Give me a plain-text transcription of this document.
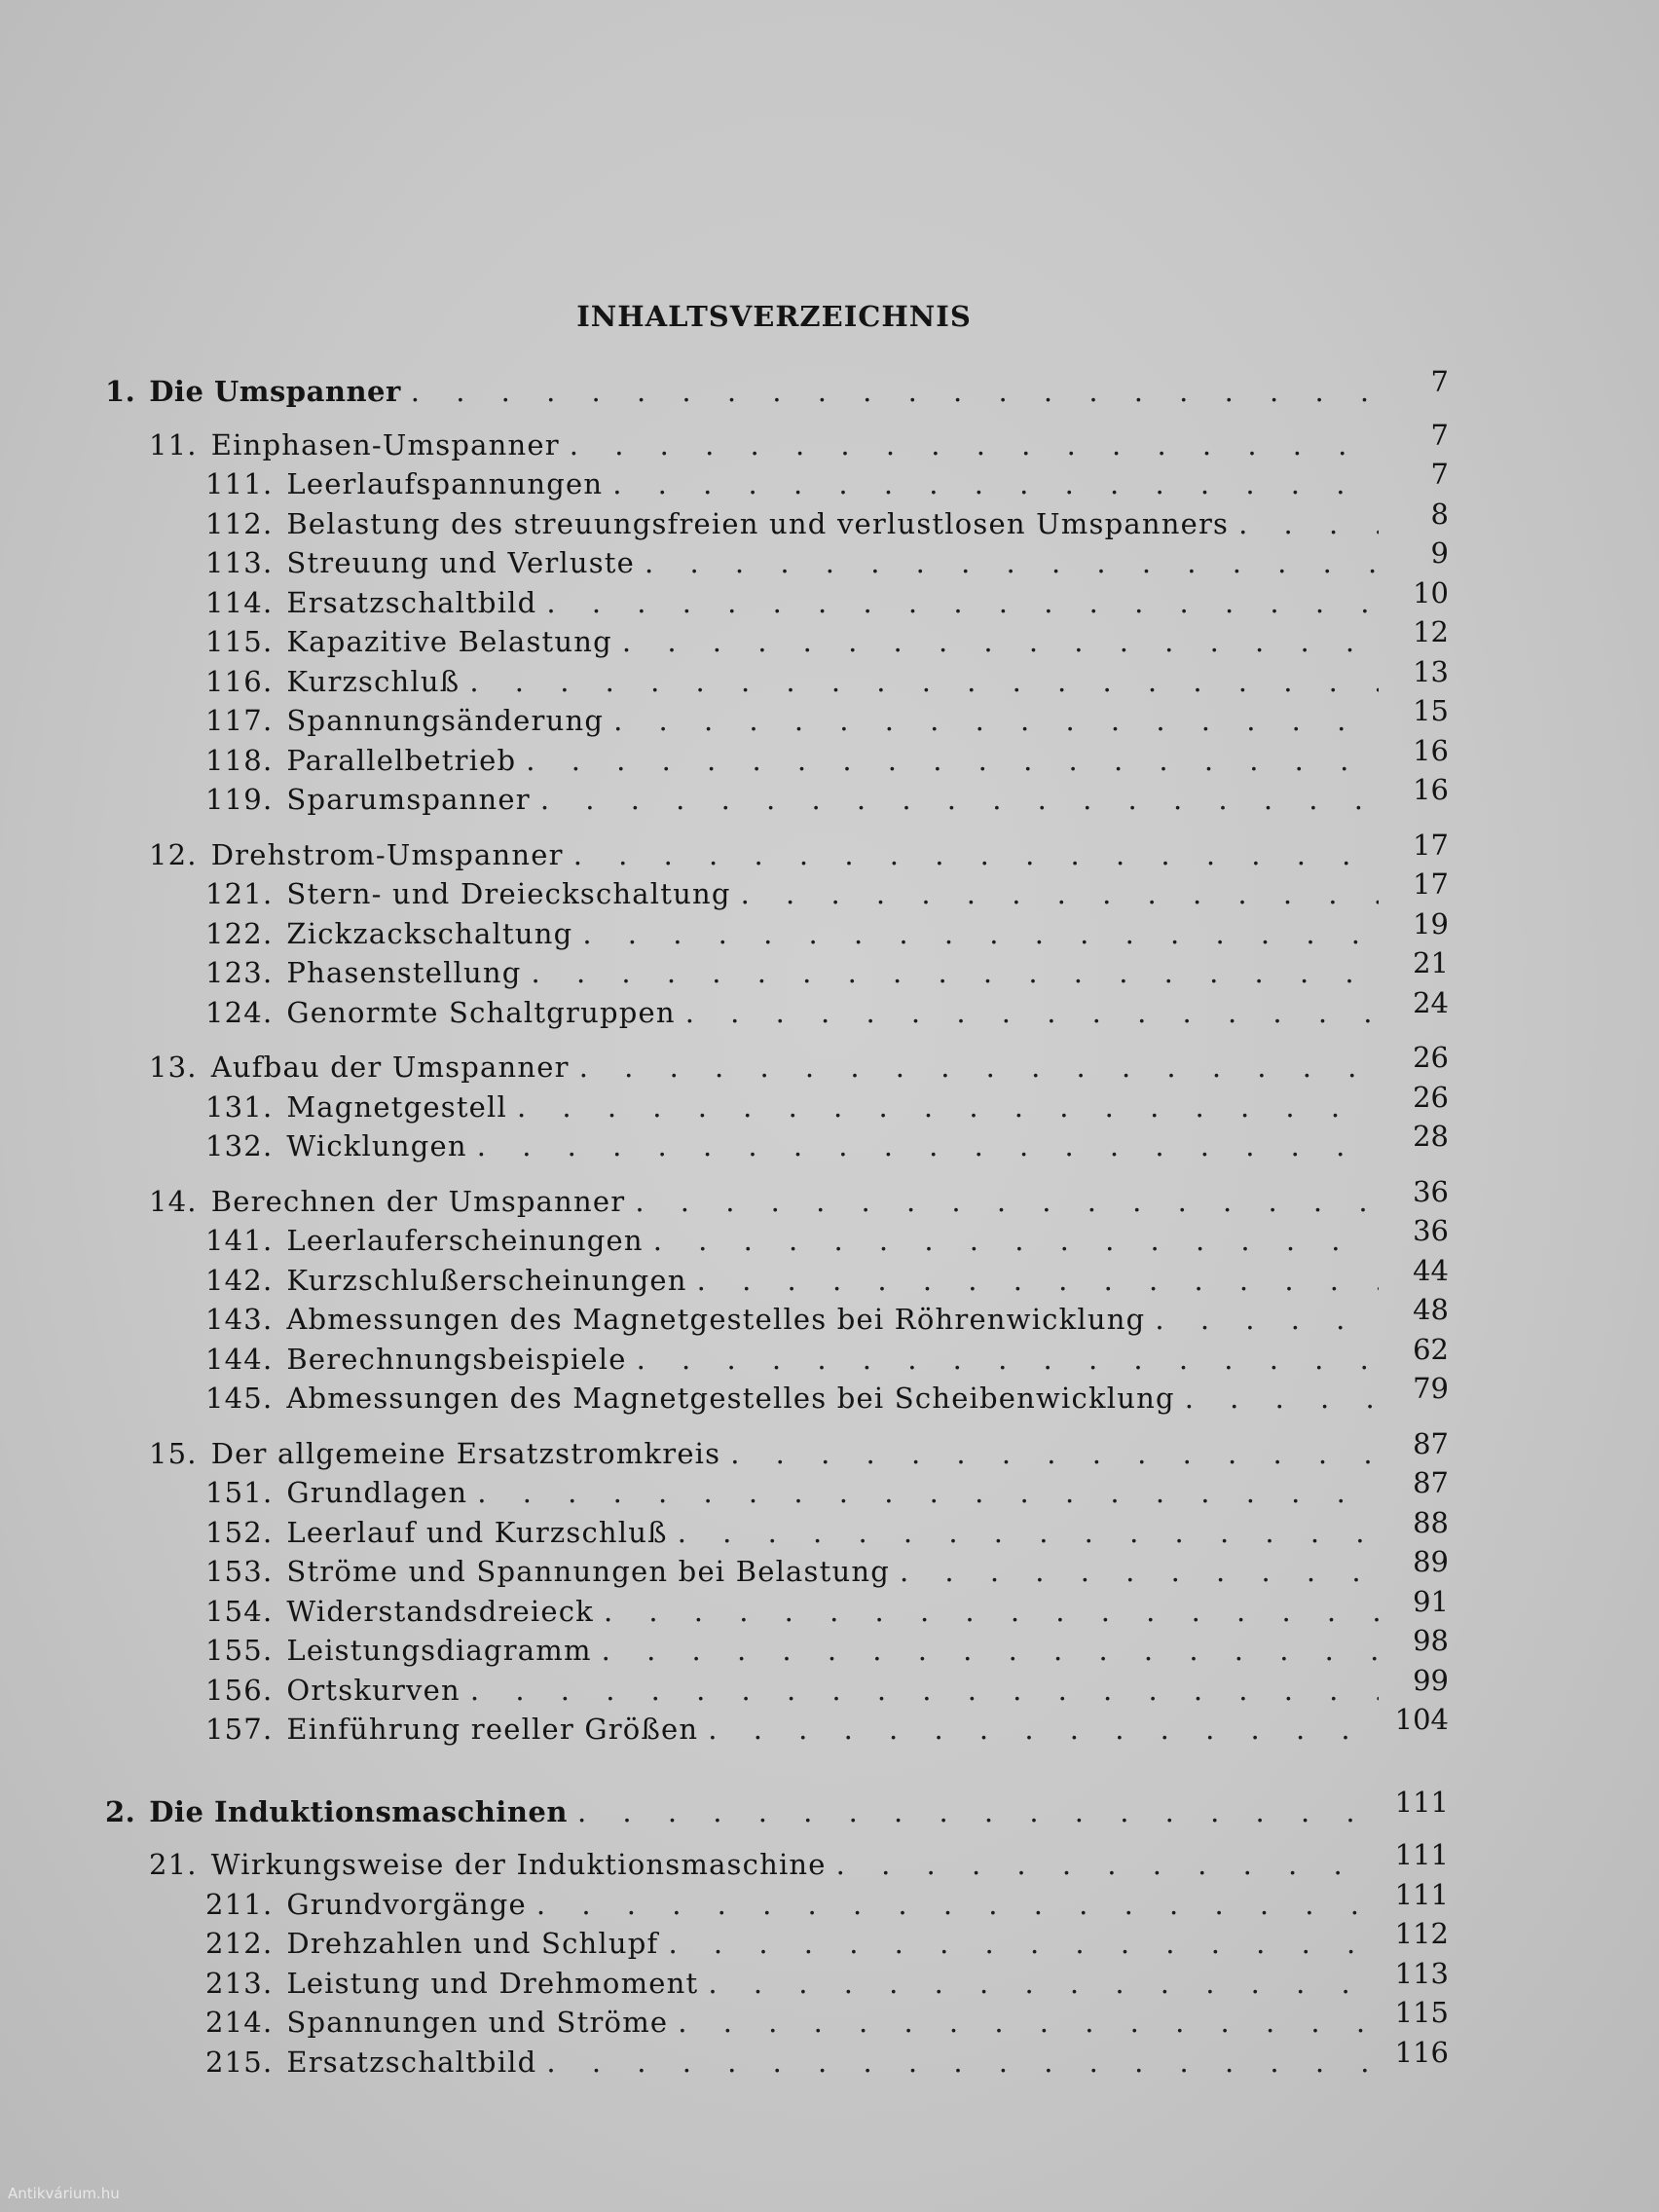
INHALTSVERZEICHNIS
1. Die Umspanner . . .	7
11. Einphasen-Umspanner . . .	7
111. Leerlaufspannungen . . .	7
112. Belastung des streuungsfreien und verlustlosen Umspanners . . .	8
113. Streuung und Verluste . . .	9
114. Ersatzschaltbild . . .	10
115. Kapazitive Belastung . . .	12
116. Kurzschluß . . .	13
117. Spannungsänderung . . .	15
118. Parallelbetrieb . . .	16
119. Sparumspanner . . .	16
12. Drehstrom-Umspanner . . .	17
121. Stern- und Dreieckschaltung . . .	17
122. Zickzackschaltung . . .	19
123. Phasenstellung . . .	21
124. Genormte Schaltgruppen . . .	24
13. Aufbau der Umspanner . . .	26
131. Magnetgestell . . .	26
132. Wicklungen . . .	28
14. Berechnen der Umspanner . . .	36
141. Leerlauferscheinungen . . .	36
142. Kurzschlußerscheinungen . . .	44
143. Abmessungen des Magnetgestelles bei Röhrenwicklung . . .	48
144. Berechnungsbeispiele . . .	62
145. Abmessungen des Magnetgestelles bei Scheibenwicklung . . .	79
15. Der allgemeine Ersatzstromkreis . . .	87
151. Grundlagen . . .	87
152. Leerlauf und Kurzschluß . . .	88
153. Ströme und Spannungen bei Belastung . . .	89
154. Widerstandsdreieck . . .	91
155. Leistungsdiagramm . . .	98
156. Ortskurven . . .	99
157. Einführung reeller Größen . . .	104
2. Die Induktionsmaschinen . . .	111
21. Wirkungsweise der Induktionsmaschine . . .	111
211. Grundvorgänge . . .	111
212. Drehzahlen und Schlupf . . .	112
213. Leistung und Drehmoment . . .	113
214. Spannungen und Ströme . . .	115
215. Ersatzschaltbild . . .	116
Antikvárium.hu
